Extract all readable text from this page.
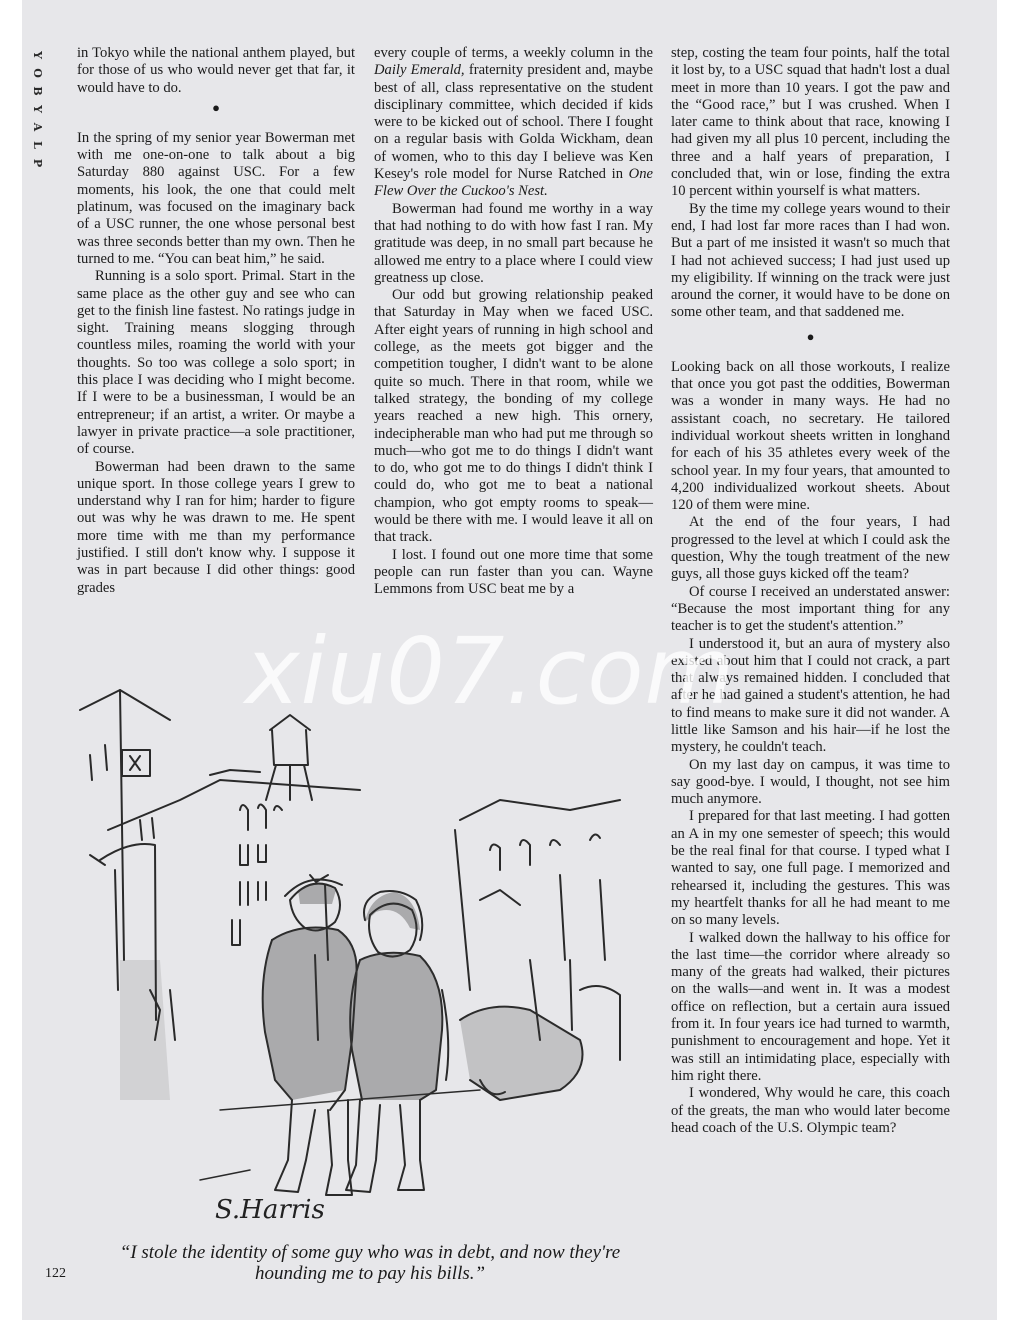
Y
O
B
Y
A
L
P

in Tokyo while the national anthem played, but for those of us who would never get that far, it would have to do.

●

In the spring of my senior year Bowerman met with me one-on-one to talk about a big Saturday 880 against USC. For a few moments, his look, the one that could melt platinum, was focused on the imaginary back of a USC runner, the one whose personal best was three seconds better than my own. Then he turned to me. “You can beat him,” he said.

Running is a solo sport. Primal. Start in the same place as the other guy and see who can get to the finish line fastest. No ratings judge in sight. Training means slogging through countless miles, roaming the world with your thoughts. So too was college a solo sport; in this place I was deciding who I might become. If I were to be a businessman, I would be an entrepreneur; if an artist, a writer. Or maybe a lawyer in private practice—a sole practitioner, of course.

Bowerman had been drawn to the same unique sport. In those college years I grew to understand why I ran for him; harder to figure out was why he was drawn to me. He spent more time with me than my performance justified. I still don't know why. I suppose it was in part because I did other things: good grades

every couple of terms, a weekly column in the Daily Emerald, fraternity president and, maybe best of all, class representative on the student disciplinary committee, which decided if kids were to be kicked out of school. There I fought on a regular basis with Golda Wickham, dean of women, who to this day I believe was Ken Kesey's role model for Nurse Ratched in One Flew Over the Cuckoo's Nest.

Bowerman had found me worthy in a way that had nothing to do with how fast I ran. My gratitude was deep, in no small part because he allowed me entry to a place where I could view greatness up close.

Our odd but growing relationship peaked that Saturday in May when we faced USC. After eight years of running in high school and college, as the meets got bigger and the competition tougher, I didn't want to be alone quite so much. There in that room, while we talked strategy, the bonding of my college years reached a new high. This ornery, indecipherable man who had put me through so much—who got me to do things I didn't want to do, who got me to do things I didn't think I could do, who got me to beat a national champion, who got empty rooms to speak—would be there with me. I would leave it all on that track.

I lost. I found out one more time that some people can run faster than you can. Wayne Lemmons from USC beat me by a

step, costing the team four points, half the total it lost by, to a USC squad that hadn't lost a dual meet in more than 10 years. I got the paw and the “Good race,” but I was crushed. When I later came to think about that race, knowing I had given my all plus 10 percent, including the three and a half years of preparation, I concluded that, win or lose, finding the extra 10 percent within yourself is what matters.

By the time my college years wound to their end, I had lost far more races than I had won. But a part of me insisted it wasn't so much that I had not achieved success; I had just used up my eligibility. If winning on the track were just around the corner, it would have to be done on some other team, and that saddened me.

●

Looking back on all those workouts, I realize that once you got past the oddities, Bowerman was a wonder in many ways. He had no assistant coach, no secretary. He tailored individual workout sheets written in longhand for each of his 35 athletes every week of the school year. In my four years, that amounted to 4,200 individualized workout sheets. About 120 of them were mine.

At the end of the four years, I had progressed to the level at which I could ask the question, Why the tough treatment of the new guys, all those guys kicked off the team?

Of course I received an understated answer: “Because the most important thing for any teacher is to get the student's attention.”

I understood it, but an aura of mystery also existed about him that I could not crack, a part that always remained hidden. I concluded that after he had gained a student's attention, he had to find means to make sure it did not wander. A little like Samson and his hair—if he lost the mystery, he couldn't teach.

On my last day on campus, it was time to say good-bye. I would, I thought, not see him much anymore.

I prepared for that last meeting. I had gotten an A in my one semester of speech; this would be the real final for that course. I typed what I wanted to say, one full page. I memorized and rehearsed it, including the gestures. This was my heartfelt thanks for all he had meant to me on so many levels.

I walked down the hallway to his office for the last time—the corridor where already so many of the greats had walked, their pictures on the walls—and went in. It was a modest office on reflection, but a certain aura issued from it. In four years ice had turned to warmth, punishment to encouragement and hope. Yet it was still an intimidating place, especially with him right there.

I wondered, Why would he care, this coach of the greats, the man who would later become head coach of the U.S. Olympic team?

S.Harris
“I stole the identity of some guy who was in debt, and now they're hounding me to pay his bills.”
122
xiu07.com
